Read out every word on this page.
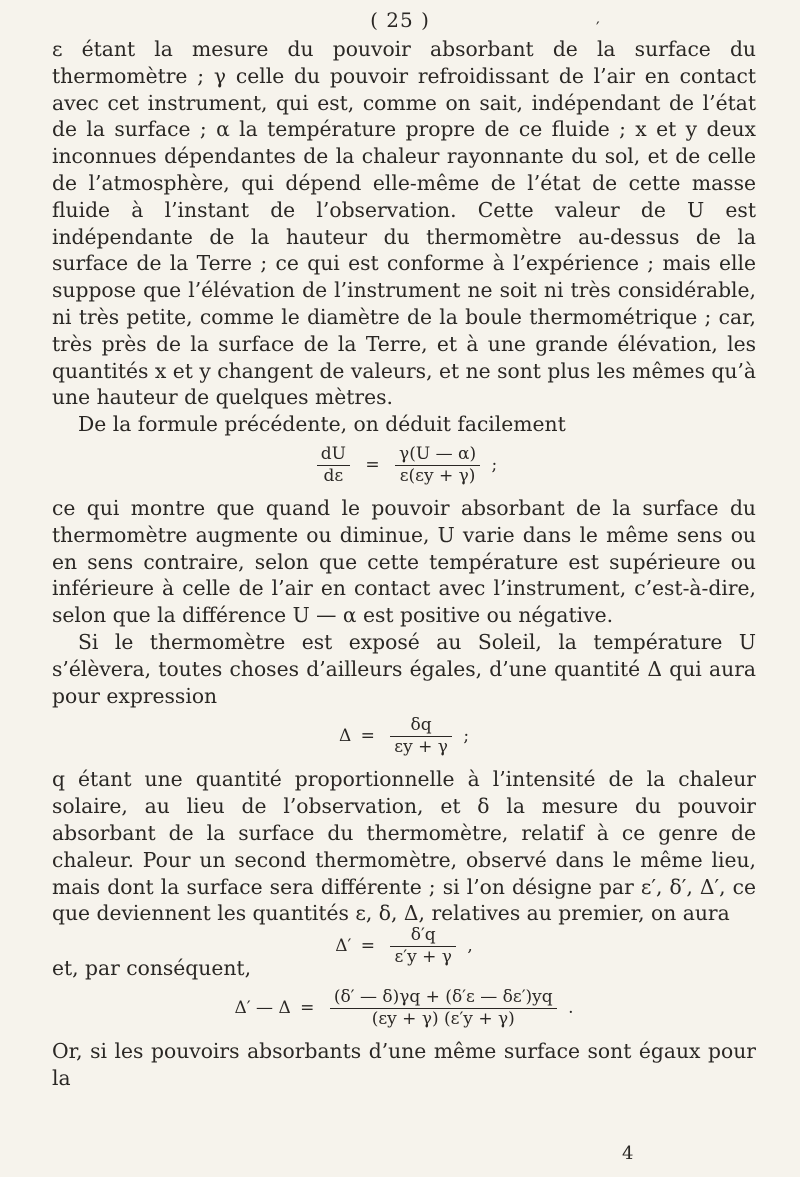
( 25 )	′

ɛ étant la mesure du pouvoir absorbant de la surface du thermomètre ; γ celle du pouvoir refroidissant de l’air en contact avec cet instrument, qui est, comme on sait, indépendant de l’état de la surface ; α la température propre de ce fluide ; x et y deux inconnues dépendantes de la chaleur rayonnante du sol, et de celle de l’atmosphère, qui dépend elle-même de l’état de cette masse fluide à l’instant de l’observation. Cette valeur de U est indépendante de la hauteur du thermomètre au-dessus de la surface de la Terre ; ce qui est conforme à l’expérience ; mais elle suppose que l’élévation de l’instrument ne soit ni très considérable, ni très petite, comme le diamètre de la boule thermométrique ; car, très près de la surface de la Terre, et à une grande élévation, les quantités x et y changent de valeurs, et ne sont plus les mêmes qu’à une hauteur de quelques mètres.

De la formule précédente, on déduit facilement

$\frac{dU}{\text{dɛ}} = \frac{\gamma(U — \alpha)}{\text{ɛ(ɛy + γ)}}$ ;

ce qui montre que quand le pouvoir absorbant de la surface du thermomètre augmente ou diminue, U varie dans le même sens ou en sens contraire, selon que cette température est supérieure ou inférieure à celle de l’air en contact avec l’instrument, c’est-à-dire, selon que la différence U — α est positive ou négative.

Si le thermomètre est exposé au Soleil, la température U s’élèvera, toutes choses d’ailleurs égales, d’une quantité Δ qui aura pour expression

$\Delta = \frac{\delta q}{\text{ɛy + γ}}$ ;

q étant une quantité proportionnelle à l’intensité de la chaleur solaire, au lieu de l’observation, et δ la mesure du pouvoir absorbant de la surface du thermomètre, relatif à ce genre de chaleur. Pour un second thermomètre, observé dans le même lieu, mais dont la surface sera différente ; si l’on désigne par ɛ′, δ′, Δ′, ce que deviennent les quantités ɛ, δ, Δ, relatives au premier, on aura

$\Delta' = \frac{\delta'q}{\text{ɛ′y + γ}}$ ,
et, par conséquent,
Δ′ — $\Delta = \frac{\text{(δ′ — δ)γq + (δ′ɛ — δɛ′)yq}}{\text{(ɛy + γ) (ɛ′y + γ)}}$ .

Or, si les pouvoirs absorbants d’une même surface sont égaux pour la

4
